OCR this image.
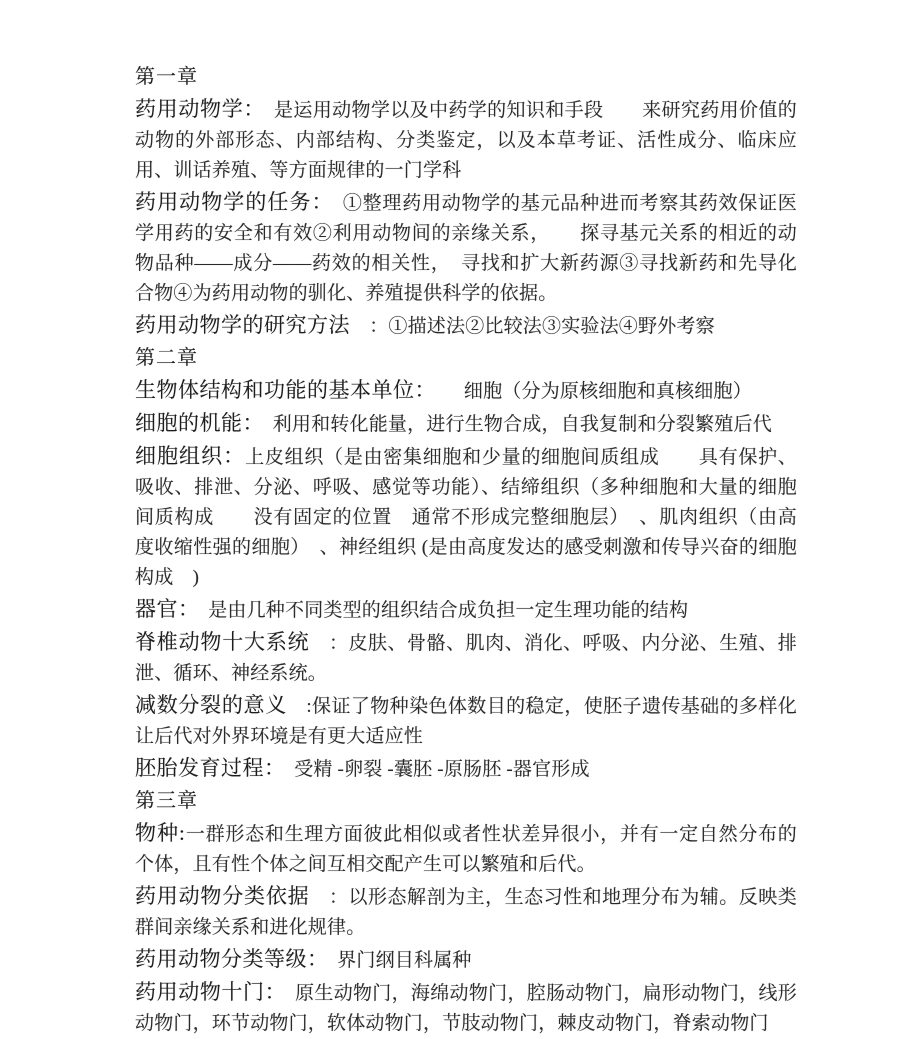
第一章

药用动物学：　是运用动物学以及中药学的知识和手段　　来研究药用价值的动物的外部形态、内部结构、分类鉴定，以及本草考证、活性成分、临床应用、训话养殖、等方面规律的一门学科

药用动物学的任务：　①整理药用动物学的基元品种进而考察其药效保证医学用药的安全和有效②利用动物间的亲缘关系，　　探寻基元关系的相近的动物品种——成分——药效的相关性，　寻找和扩大新药源③寻找新药和先导化合物④为药用动物的驯化、养殖提供科学的依据。

药用动物学的研究方法　：①描述法②比较法③实验法④野外考察

第二章

生物体结构和功能的基本单位：　　细胞（分为原核细胞和真核细胞）

细胞的机能：　利用和转化能量，进行生物合成，自我复制和分裂繁殖后代

细胞组织：上皮组织（是由密集细胞和少量的细胞间质组成　　具有保护、吸收、排泄、分泌、呼吸、感觉等功能）、结缔组织（多种细胞和大量的细胞间质构成　　没有固定的位置　通常不形成完整细胞层）　、肌肉组织（由高度收缩性强的细胞）　、神经组织 (是由高度发达的感受刺激和传导兴奋的细胞构成　)

器官：　是由几种不同类型的组织结合成负担一定生理功能的结构

脊椎动物十大系统　：皮肤、骨骼、肌肉、消化、呼吸、内分泌、生殖、排泄、循环、神经系统。

减数分裂的意义　:保证了物种染色体数目的稳定，使胚子遗传基础的多样化让后代对外界环境是有更大适应性

胚胎发育过程：　受精 -卵裂 -囊胚 -原肠胚 -器官形成

第三章

物种:一群形态和生理方面彼此相似或者性状差异很小，并有一定自然分布的个体，且有性个体之间互相交配产生可以繁殖和后代。

药用动物分类依据　：以形态解剖为主，生态习性和地理分布为辅。反映类群间亲缘关系和进化规律。

药用动物分类等级：　界门纲目科属种

药用动物十门：　原生动物门，海绵动物门，腔肠动物门，扁形动物门，线形动物门，环节动物门，软体动物门，节肢动物门，棘皮动物门，脊索动物门
